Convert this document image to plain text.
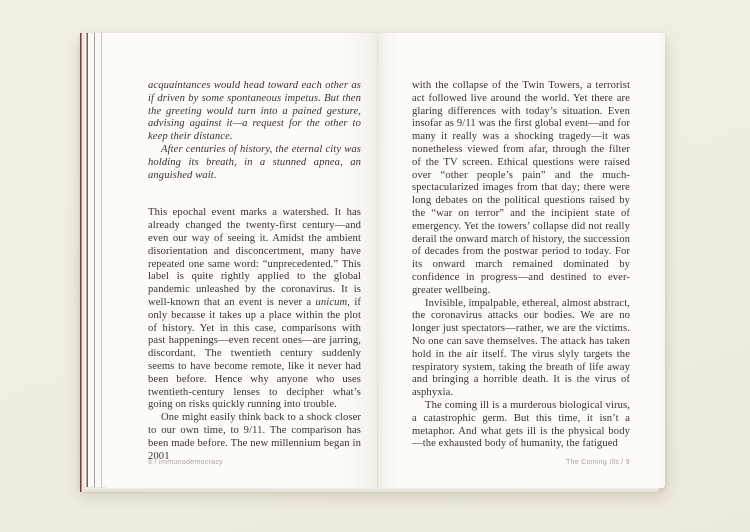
acquaintances would head toward each other as if driven by some spontaneous impetus. But then the greeting would turn into a pained gesture, advising against it—a request for the other to keep their distance.

After centuries of history, the eternal city was holding its breath, in a stunned apnea, an anguished wait.

This epochal event marks a watershed. It has already changed the twenty-first century—and even our way of seeing it. Amidst the ambient disorientation and disconcertment, many have repeated one same word: “unprecedented.” This label is quite rightly applied to the global pandemic unleashed by the coronavirus. It is well-known that an event is never a unicum, if only because it takes up a place within the plot of history. Yet in this case, comparisons with past happenings—even recent ones—are jarring, discordant. The twentieth century suddenly seems to have become remote, like it never had been before. Hence why anyone who uses twentieth-century lenses to decipher what’s going on risks quickly running into trouble.

One might easily think back to a shock closer to our own time, to 9/11. The comparison has been made before. The new millennium began in 2001

8 / Immunodemocracy

with the collapse of the Twin Towers, a terrorist act followed live around the world. Yet there are glaring differences with today’s situation. Even insofar as 9/11 was the first global event—and for many it really was a shocking tragedy—it was nonetheless viewed from afar, through the filter of the TV screen. Ethical questions were raised over “other people’s pain” and the much-spectacularized images from that day; there were long debates on the political questions raised by the “war on terror” and the incipient state of emergency. Yet the towers’ collapse did not really derail the onward march of history, the succession of decades from the postwar period to today. For its onward march remained dominated by confidence in progress—and destined to ever-greater wellbeing.

Invisible, impalpable, ethereal, almost abstract, the coronavirus attacks our bodies. We are no longer just spectators—rather, we are the victims. No one can save themselves. The attack has taken hold in the air itself. The virus slyly targets the respiratory system, taking the breath of life away and bringing a horrible death. It is the virus of asphyxia.

The coming ill is a murderous biological virus, a catastrophic germ. But this time, it isn’t a metaphor. And what gets ill is the physical body—the exhausted body of humanity, the fatigued

The Coming Ills / 9
